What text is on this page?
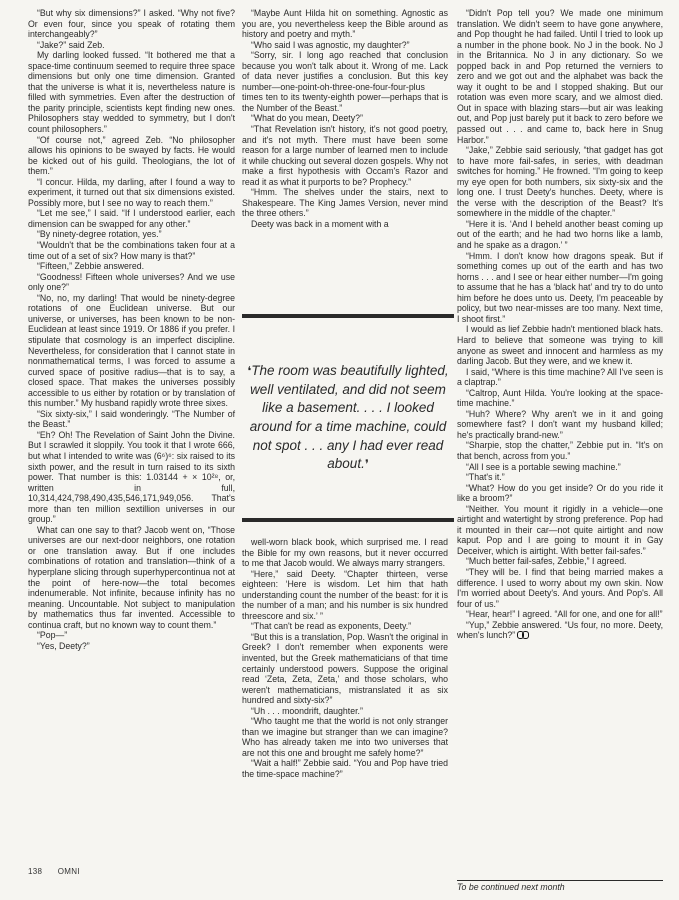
“But why six dimensions?” I asked. “Why not five? Or even four, since you speak of rotating them interchangeably?”

“Jake?” said Zeb.

My darling looked fussed. “It bothered me that a space-time continuum seemed to require three space dimensions but only one time dimension. Granted that the universe is what it is, nevertheless nature is filled with symmetries. Even after the destruction of the parity principle, scientists kept finding new ones. Philosophers stay wedded to symmetry, but I don't count philosophers.”

“Of course not,” agreed Zeb. “No philosopher allows his opinions to be swayed by facts. He would be kicked out of his guild. Theologians, the lot of them.”

“I concur. Hilda, my darling, after I found a way to experiment, it turned out that six dimensions existed. Possibly more, but I see no way to reach them.”

“Let me see,” I said. “If I understood earlier, each dimension can be swapped for any other.”

“By ninety-degree rotation, yes.”

“Wouldn't that be the combinations taken four at a time out of a set of six? How many is that?”

“Fifteen,” Zebbie answered.

“Goodness! Fifteen whole universes? And we use only one?”

“No, no, my darling! That would be ninety-degree rotations of one Euclidean universe. But our universe, or universes, has been known to be non-Euclidean at least since 1919. Or 1886 if you prefer. I stipulate that cosmology is an imperfect discipline. Nevertheless, for consideration that I cannot state in nonmathematical terms, I was forced to assume a curved space of positive radius—that is to say, a closed space. That makes the universes possibly accessible to us either by rotation or by translation of this number.” My husband rapidly wrote three sixes.

“Six sixty-six,” I said wonderingly. “The Number of the Beast.”

“Eh? Oh! The Revelation of Saint John the Divine. But I scrawled it sloppily. You took it that I wrote 666, but what I intended to write was (6⁶)⁶: six raised to its sixth power, and the result in turn raised to its sixth power. That number is this: 1.03144 + × 10²⁸, or, written in full, 10,314,424,798,490,435,546,171,949,056. That's more than ten million sextillion universes in our group.”

What can one say to that? Jacob went on, “Those universes are our next-door neighbors, one rotation or one translation away. But if one includes combinations of rotation and translation—think of a hyperplane slicing through superhypercontinua not at the point of here-now—the total becomes indenumerable. Not infinite, because infinity has no meaning. Uncountable. Not subject to manipulation by mathematics thus far invented. Accessible to continua craft, but no known way to count them.”

“Pop—”

“Yes, Deety?”

“Maybe Aunt Hilda hit on something. Agnostic as you are, you nevertheless keep the Bible around as history and poetry and myth.”

“Who said I was agnostic, my daughter?”

“Sorry, sir. I long ago reached that conclusion because you won't talk about it. Wrong of me. Lack of data never justifies a conclusion. But this key number—one-point-oh-three-one-four-four-plus times ten to its twenty-eighth power—perhaps that is the Number of the Beast.”

“What do you mean, Deety?”

“That Revelation isn't history, it's not good poetry, and it's not myth. There must have been some reason for a large number of learned men to include it while chucking out several dozen gospels. Why not make a first hypothesis with Occam's Razor and read it as what it purports to be? Prophecy.”

“Hmm. The shelves under the stairs, next to Shakespeare. The King James Version, never mind the three others.”

Deety was back in a moment with a

❛The room was beautifully lighted, well ventilated, and did not seem like a basement. . . . I looked around for a time machine, could not spot . . . any I had ever read about.❜

well-worn black book, which surprised me. I read the Bible for my own reasons, but it never occurred to me that Jacob would. We always marry strangers.

“Here,” said Deety. “Chapter thirteen, verse eighteen: ‘Here is wisdom. Let him that hath understanding count the number of the beast: for it is the number of a man; and his number is six hundred threescore and six.’ ”

“That can't be read as exponents, Deety.”

“But this is a translation, Pop. Wasn't the original in Greek? I don't remember when exponents were invented, but the Greek mathematicians of that time certainly understood powers. Suppose the original read ‘Zeta, Zeta, Zeta,’ and those scholars, who weren't mathematicians, mistranslated it as six hundred and sixty-six?”

“Uh . . . moondrift, daughter.”

“Who taught me that the world is not only stranger than we imagine but stranger than we can imagine? Who has already taken me into two universes that are not this one and brought me safely home?”

“Wait a half!” Zebbie said. “You and Pop have tried the time-space machine?”

“Didn't Pop tell you? We made one minimum translation. We didn't seem to have gone anywhere, and Pop thought he had failed. Until I tried to look up a number in the phone book. No J in the book. No J in the Britannica. No J in any dictionary. So we popped back in and Pop returned the verniers to zero and we got out and the alphabet was back the way it ought to be and I stopped shaking. But our rotation was even more scary, and we almost died. Out in space with blazing stars—but air was leaking out, and Pop just barely put it back to zero before we passed out . . . and came to, back here in Snug Harbor.”

“Jake,” Zebbie said seriously, “that gadget has got to have more fail-safes, in series, with deadman switches for homing.” He frowned. “I'm going to keep my eye open for both numbers, six sixty-six and the long one. I trust Deety's hunches. Deety, where is the verse with the description of the Beast? It's somewhere in the middle of the chapter.”

“Here it is. ‘And I beheld another beast coming up out of the earth; and he had two horns like a lamb, and he spake as a dragon.’ ”

“Hmm. I don't know how dragons speak. But if something comes up out of the earth and has two horns . . . and I see or hear either number—I'm going to assume that he has a ‘black hat’ and try to do unto him before he does unto us. Deety, I'm peaceable by policy, but two near-misses are too many. Next time, I shoot first.”

I would as lief Zebbie hadn't mentioned black hats. Hard to believe that someone was trying to kill anyone as sweet and innocent and harmless as my darling Jacob. But they were, and we knew it.

I said, “Where is this time machine? All I've seen is a claptrap.”

“Caltrop, Aunt Hilda. You're looking at the space-time machine.”

“Huh? Where? Why aren't we in it and going somewhere fast? I don't want my husband killed; he's practically brand-new.”

“Sharpie, stop the chatter,” Zebbie put in. “It's on that bench, across from you.”

“All I see is a portable sewing machine.”

“That's it.”

“What? How do you get inside? Or do you ride it like a broom?”

“Neither. You mount it rigidly in a vehicle—one airtight and watertight by strong preference. Pop had it mounted in their car—not quite airtight and now kaput. Pop and I are going to mount it in Gay Deceiver, which is airtight. With better fail-safes.”

“Much better fail-safes, Zebbie,” I agreed.

“They will be. I find that being married makes a difference. I used to worry about my own skin. Now I'm worried about Deety's. And yours. And Pop's. All four of us.”

“Hear, hear!” I agreed. “All for one, and one for all!”

“Yup,” Zebbie answered. “Us four, no more. Deety, when's lunch?”

To be continued next month
138 OMNI
